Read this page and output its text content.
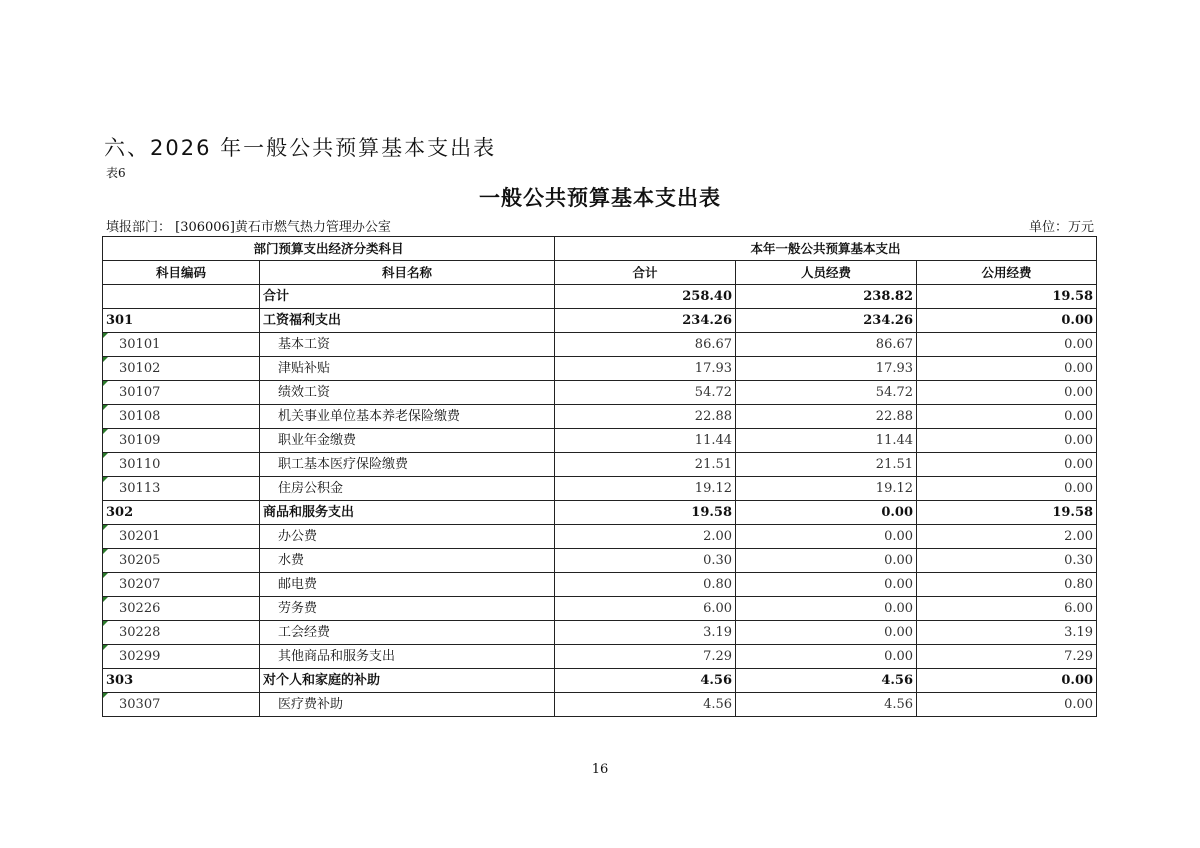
六、2026 年一般公共预算基本支出表
表6
一般公共预算基本支出表
填报部门： [306006]黄石市燃气热力管理办公室	单位：万元
部门预算支出经济分类科目		本年一般公共预算基本支出		
科目编码	科目名称	合计	人员经费	公用经费
	合计	258.40	238.82	19.58
301	工资福利支出	234.26	234.26	0.00
30101	基本工资	86.67	86.67	0.00
30102	津贴补贴	17.93	17.93	0.00
30107	绩效工资	54.72	54.72	0.00
30108	机关事业单位基本养老保险缴费	22.88	22.88	0.00
30109	职业年金缴费	11.44	11.44	0.00
30110	职工基本医疗保险缴费	21.51	21.51	0.00
30113	住房公积金	19.12	19.12	0.00
302	商品和服务支出	19.58	0.00	19.58
30201	办公费	2.00	0.00	2.00
30205	水费	0.30	0.00	0.30
30207	邮电费	0.80	0.00	0.80
30226	劳务费	6.00	0.00	6.00
30228	工会经费	3.19	0.00	3.19
30299	其他商品和服务支出	7.29	0.00	7.29
303	对个人和家庭的补助	4.56	4.56	0.00
30307	医疗费补助	4.56	4.56	0.00
16
